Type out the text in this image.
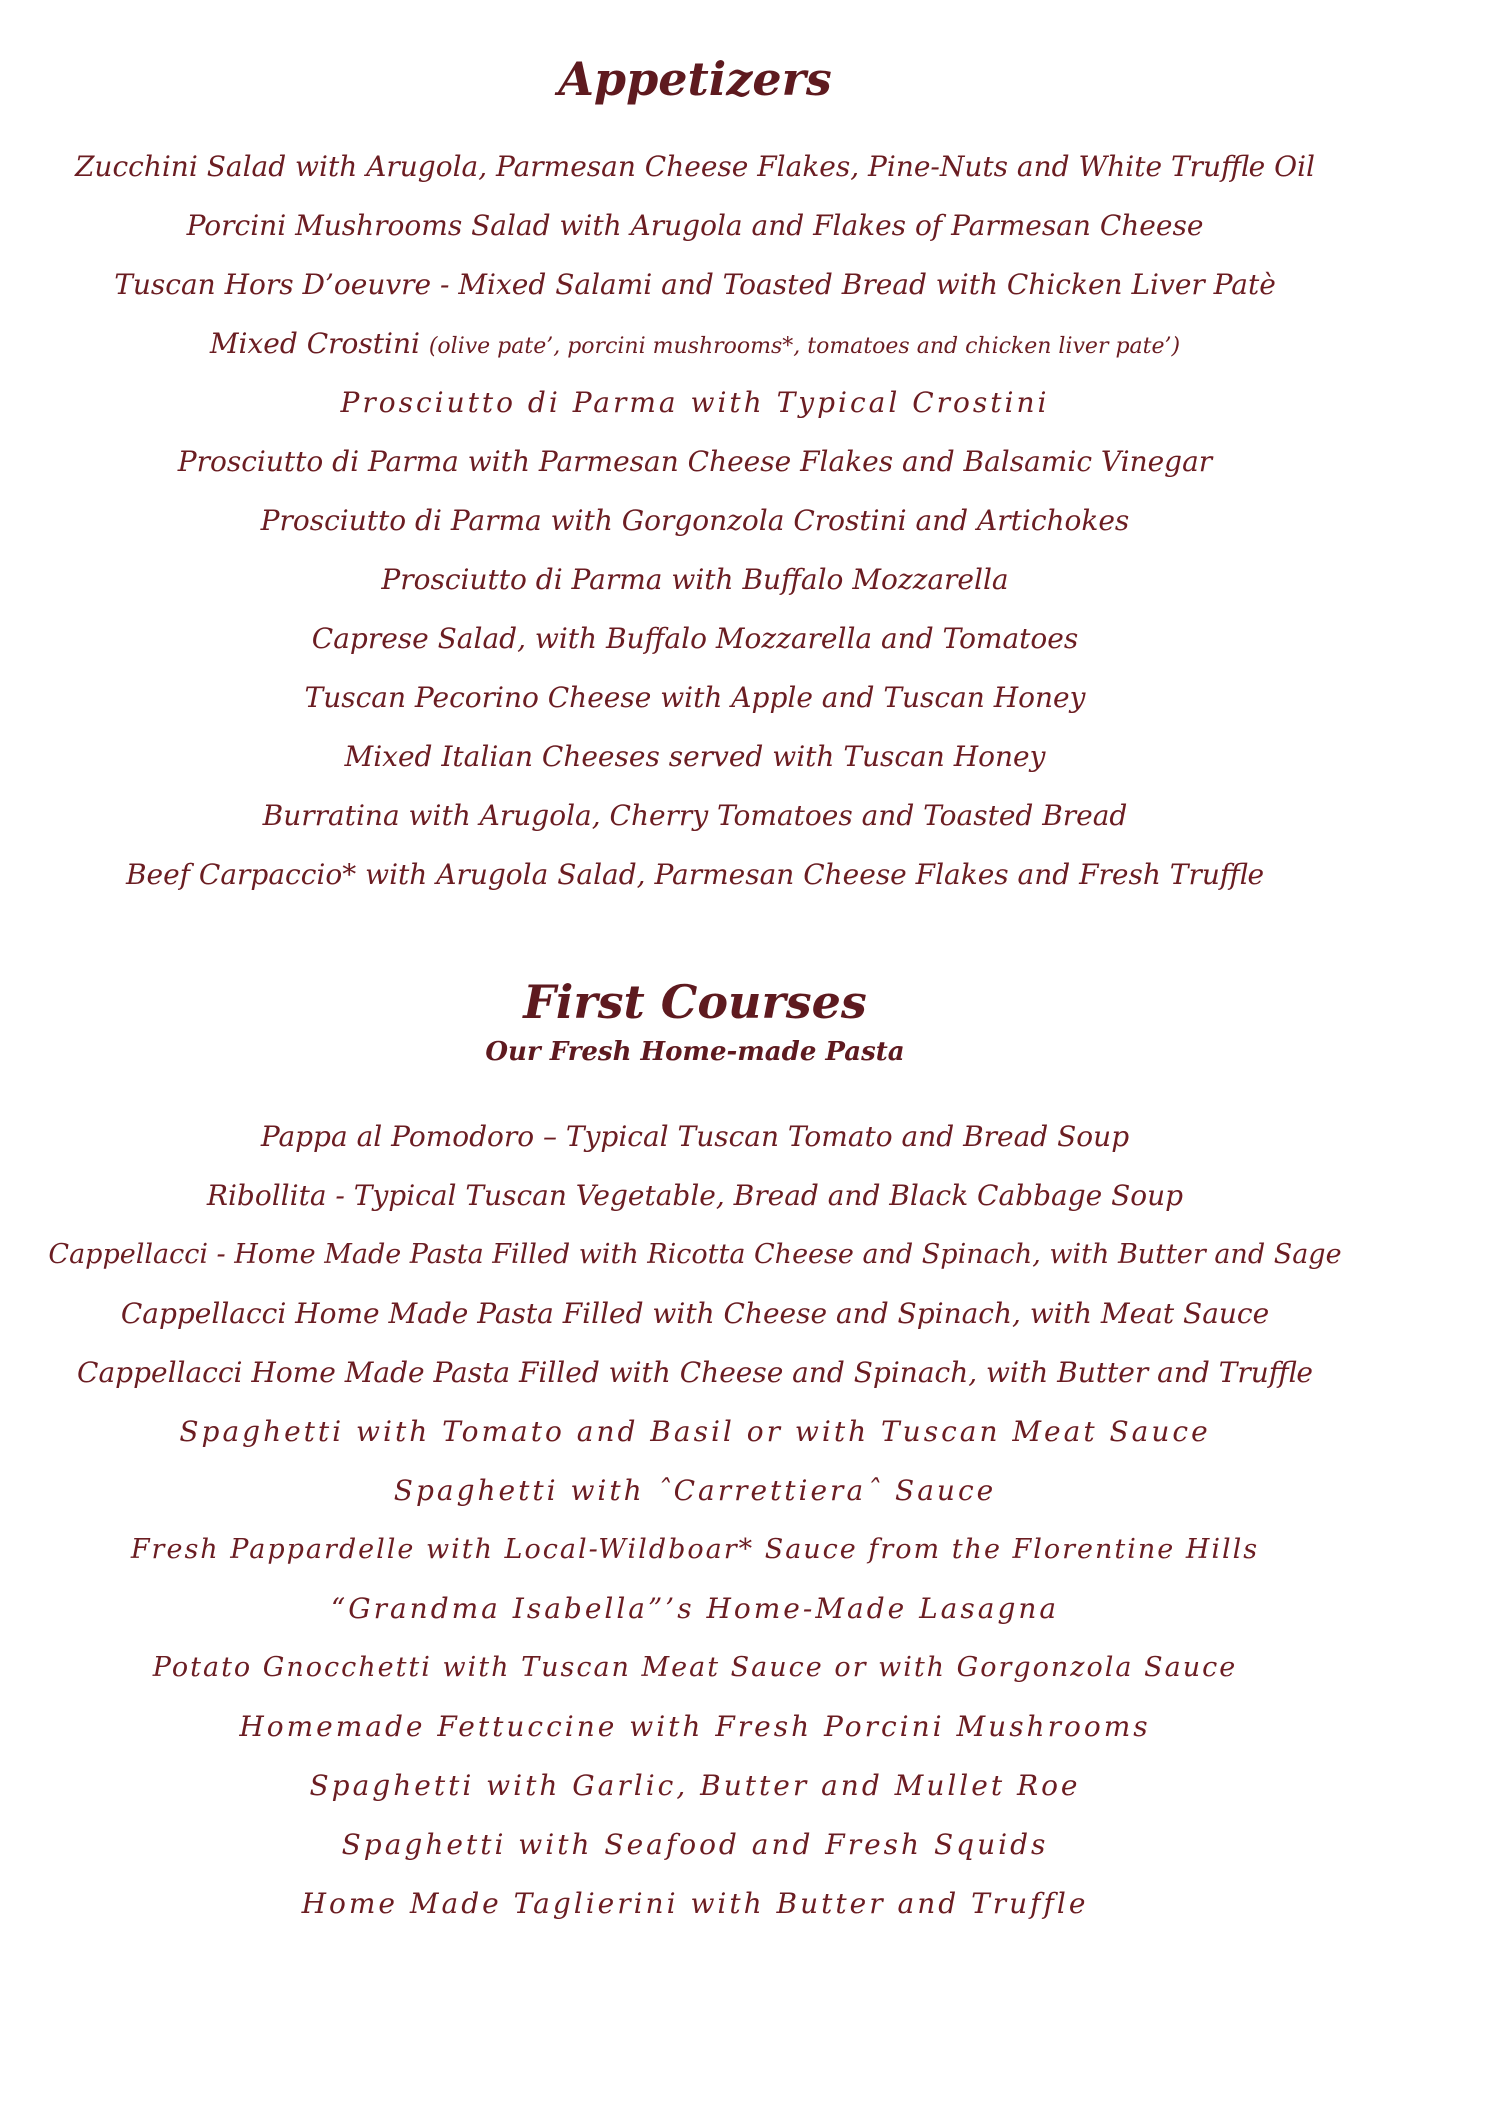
Appetizers
Zucchini Salad with Arugola, Parmesan Cheese Flakes, Pine-Nuts and White Truffle Oil
Porcini Mushrooms Salad with Arugola and Flakes of Parmesan Cheese
Tuscan Hors D’oeuvre - Mixed Salami and Toasted Bread with Chicken Liver Patè
Mixed Crostini (olive pate’, porcini mushrooms*, tomatoes and chicken liver pate’)
Prosciutto di Parma with Typical Crostini
Prosciutto di Parma with Parmesan Cheese Flakes and Balsamic Vinegar
Prosciutto di Parma with Gorgonzola Crostini and Artichokes
Prosciutto di Parma with Buffalo Mozzarella
Caprese Salad, with Buffalo Mozzarella and Tomatoes
Tuscan Pecorino Cheese with Apple and Tuscan Honey
Mixed Italian Cheeses served with Tuscan Honey
Burratina with Arugola, Cherry Tomatoes and Toasted Bread
Beef Carpaccio* with Arugola Salad, Parmesan Cheese Flakes and Fresh Truffle
First Courses
Our Fresh Home-made Pasta
Pappa al Pomodoro – Typical Tuscan Tomato and Bread Soup
Ribollita - Typical Tuscan Vegetable, Bread and Black Cabbage Soup
Cappellacci - Home Made Pasta Filled with Ricotta Cheese and Spinach, with Butter and Sage
Cappellacci Home Made Pasta Filled with Cheese and Spinach, with Meat Sauce
Cappellacci Home Made Pasta Filled with Cheese and Spinach, with Butter and Truffle
Spaghetti with Tomato and Basil or with Tuscan Meat Sauce
Spaghetti with ˆCarrettieraˆ Sauce
Fresh Pappardelle with Local-Wildboar* Sauce from the Florentine Hills
“Grandma Isabella”’s Home-Made Lasagna
Potato Gnocchetti with Tuscan Meat Sauce or with Gorgonzola Sauce
Homemade Fettuccine with Fresh Porcini Mushrooms
Spaghetti with Garlic, Butter and Mullet Roe
Spaghetti with Seafood and Fresh Squids
Home Made Taglierini with Butter and Truffle
